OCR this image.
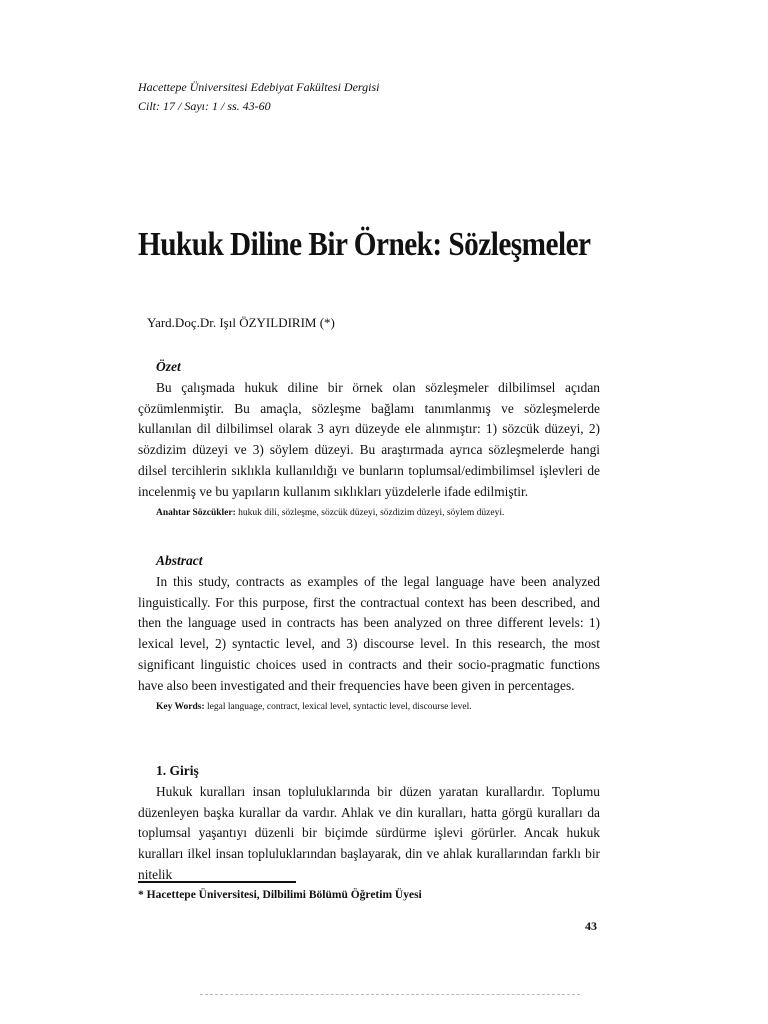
Hacettepe Üniversitesi Edebiyat Fakültesi Dergisi
Cilt: 17 / Sayı: 1 / ss. 43-60
Hukuk Diline Bir Örnek: Sözleşmeler
Yard.Doç.Dr. Işıl ÖZYILDIRIM (*)
Özet

Bu çalışmada hukuk diline bir örnek olan sözleşmeler dilbilimsel açıdan çözümlenmiştir. Bu amaçla, sözleşme bağlamı tanımlanmış ve sözleşmelerde kullanılan dil dilbilimsel olarak 3 ayrı düzeyde ele alınmıştır: 1) sözcük düzeyi, 2) sözdizim düzeyi ve 3) söylem düzeyi. Bu araştırmada ayrıca sözleşmelerde hangi dilsel tercihlerin sıklıkla kullanıldığı ve bunların toplumsal/edimbilimsel işlevleri de incelenmiş ve bu yapıların kullanım sıklıkları yüzdelerle ifade edilmiştir.

Anahtar Sözcükler: hukuk dili, sözleşme, sözcük düzeyi, sözdizim düzeyi, söylem düzeyi.
Abstract

In this study, contracts as examples of the legal language have been analyzed linguistically. For this purpose, first the contractual context has been described, and then the language used in contracts has been analyzed on three different levels: 1) lexical level, 2) syntactic level, and 3) discourse level. In this research, the most significant linguistic choices used in contracts and their socio-pragmatic functions have also been investigated and their frequencies have been given in percentages.

Key Words: legal language, contract, lexical level, syntactic level, discourse level.
1. Giriş

Hukuk kuralları insan topluluklarında bir düzen yaratan kurallardır. Toplumu düzenleyen başka kurallar da vardır. Ahlak ve din kuralları, hatta görgü kuralları da toplumsal yaşantıyı düzenli bir biçimde sürdürme işlevi görürler. Ancak hukuk kuralları ilkel insan topluluklarından başlayarak, din ve ahlak kurallarından farklı bir nitelik

* Hacettepe Üniversitesi, Dilbilimi Bölümü Öğretim Üyesi
43
